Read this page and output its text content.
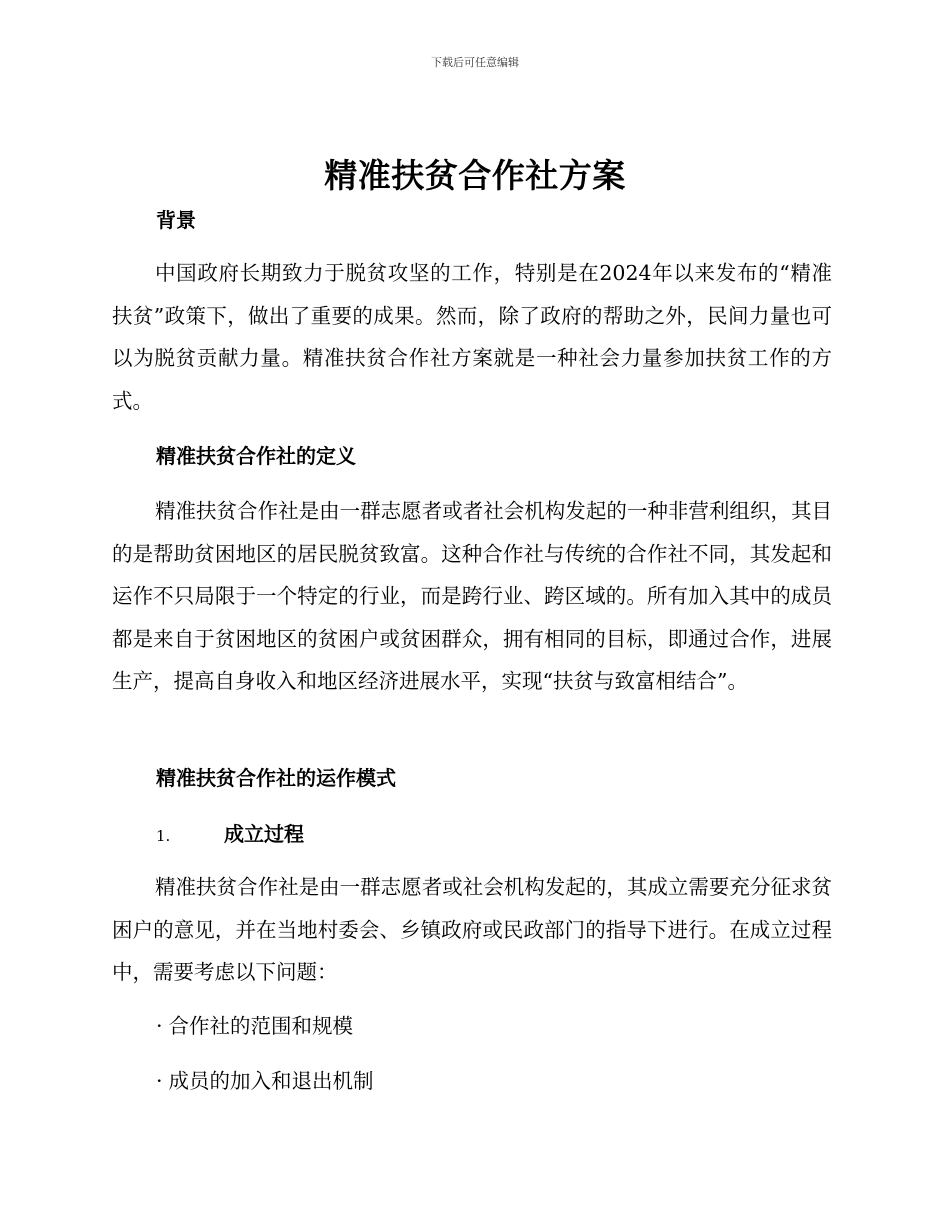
下载后可任意编辑
精准扶贫合作社方案
背景

中国政府长期致力于脱贫攻坚的工作，特别是在2024年以来发布的“精准扶贫”政策下，做出了重要的成果。然而，除了政府的帮助之外，民间力量也可以为脱贫贡献力量。精准扶贫合作社方案就是一种社会力量参加扶贫工作的方式。

精准扶贫合作社的定义

精准扶贫合作社是由一群志愿者或者社会机构发起的一种非营利组织，其目的是帮助贫困地区的居民脱贫致富。这种合作社与传统的合作社不同，其发起和运作不只局限于一个特定的行业，而是跨行业、跨区域的。所有加入其中的成员都是来自于贫困地区的贫困户或贫困群众，拥有相同的目标，即通过合作，进展生产，提高自身收入和地区经济进展水平，实现“扶贫与致富相结合”。

精准扶贫合作社的运作模式
1.	成立过程

精准扶贫合作社是由一群志愿者或社会机构发起的，其成立需要充分征求贫困户的意见，并在当地村委会、乡镇政府或民政部门的指导下进行。在成立过程中，需要考虑以下问题：

· 合作社的范围和规模
· 成员的加入和退出机制
